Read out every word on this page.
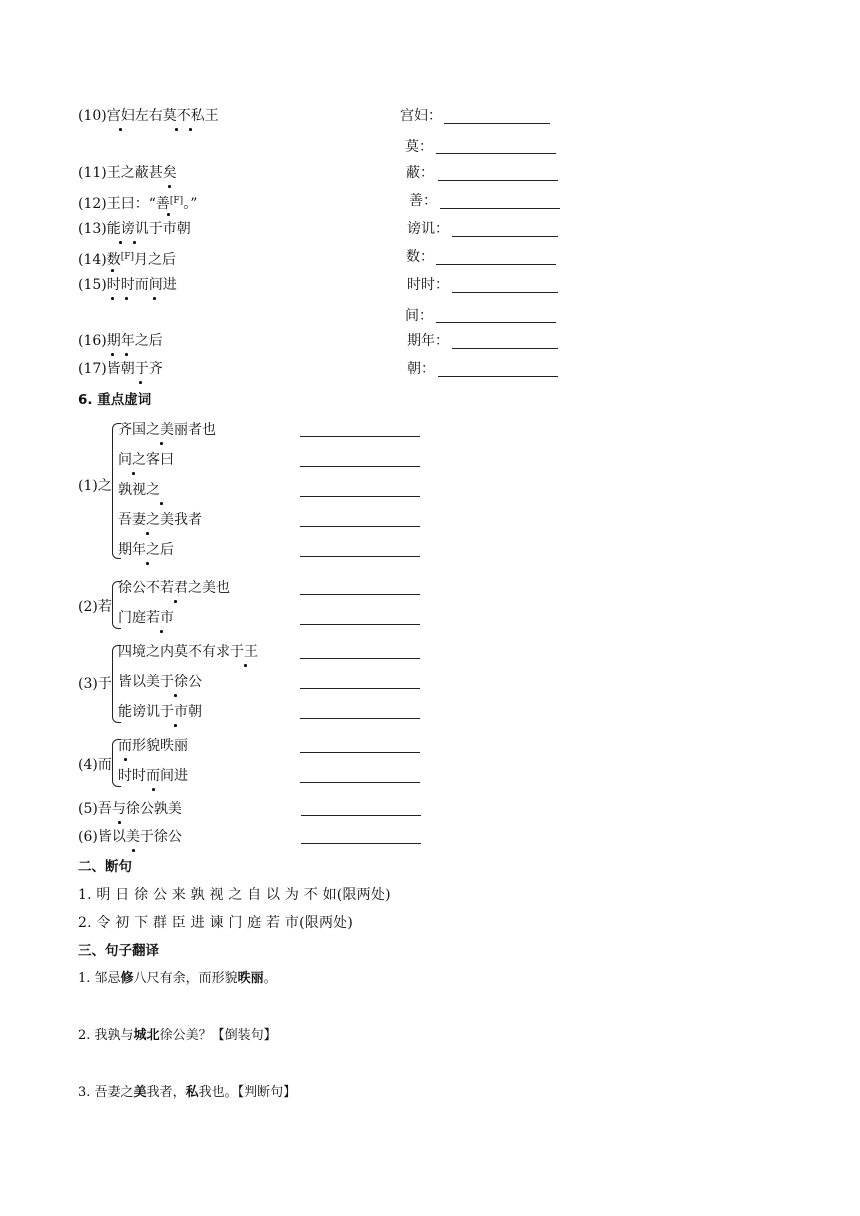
(10)宫妇左右莫不私王	宫妇：
莫：
(11)王之蔽甚矣	蔽：
(12)王曰：“善[F]。”	善：
(13)能谤讥于市朝	谤讥：
(14)数[F]月之后	数：
(15)时时而间进	时时：
间：
(16)期年之后	期年：
(17)皆朝于齐	朝：
6. 重点虚词
(1)之
齐国之美丽者也
问之客曰
孰视之
吾妻之美我者
期年之后
(2)若
徐公不若君之美也
门庭若市
(3)于
四境之内莫不有求于王
皆以美于徐公
能谤讥于市朝
(4)而
而形貌昳丽
时时而间进
(5)吾与徐公孰美
(6)皆以美于徐公
二、断句
1. 明 日 徐 公 来 孰 视 之 自 以 为 不 如(限两处)
2. 令 初 下 群 臣 进 谏 门 庭 若 市(限两处)
三、句子翻译
1. 邹忌修八尺有余，而形貌昳丽。
2. 我孰与城北徐公美？【倒装句】
3. 吾妻之美我者，私我也。【判断句】
